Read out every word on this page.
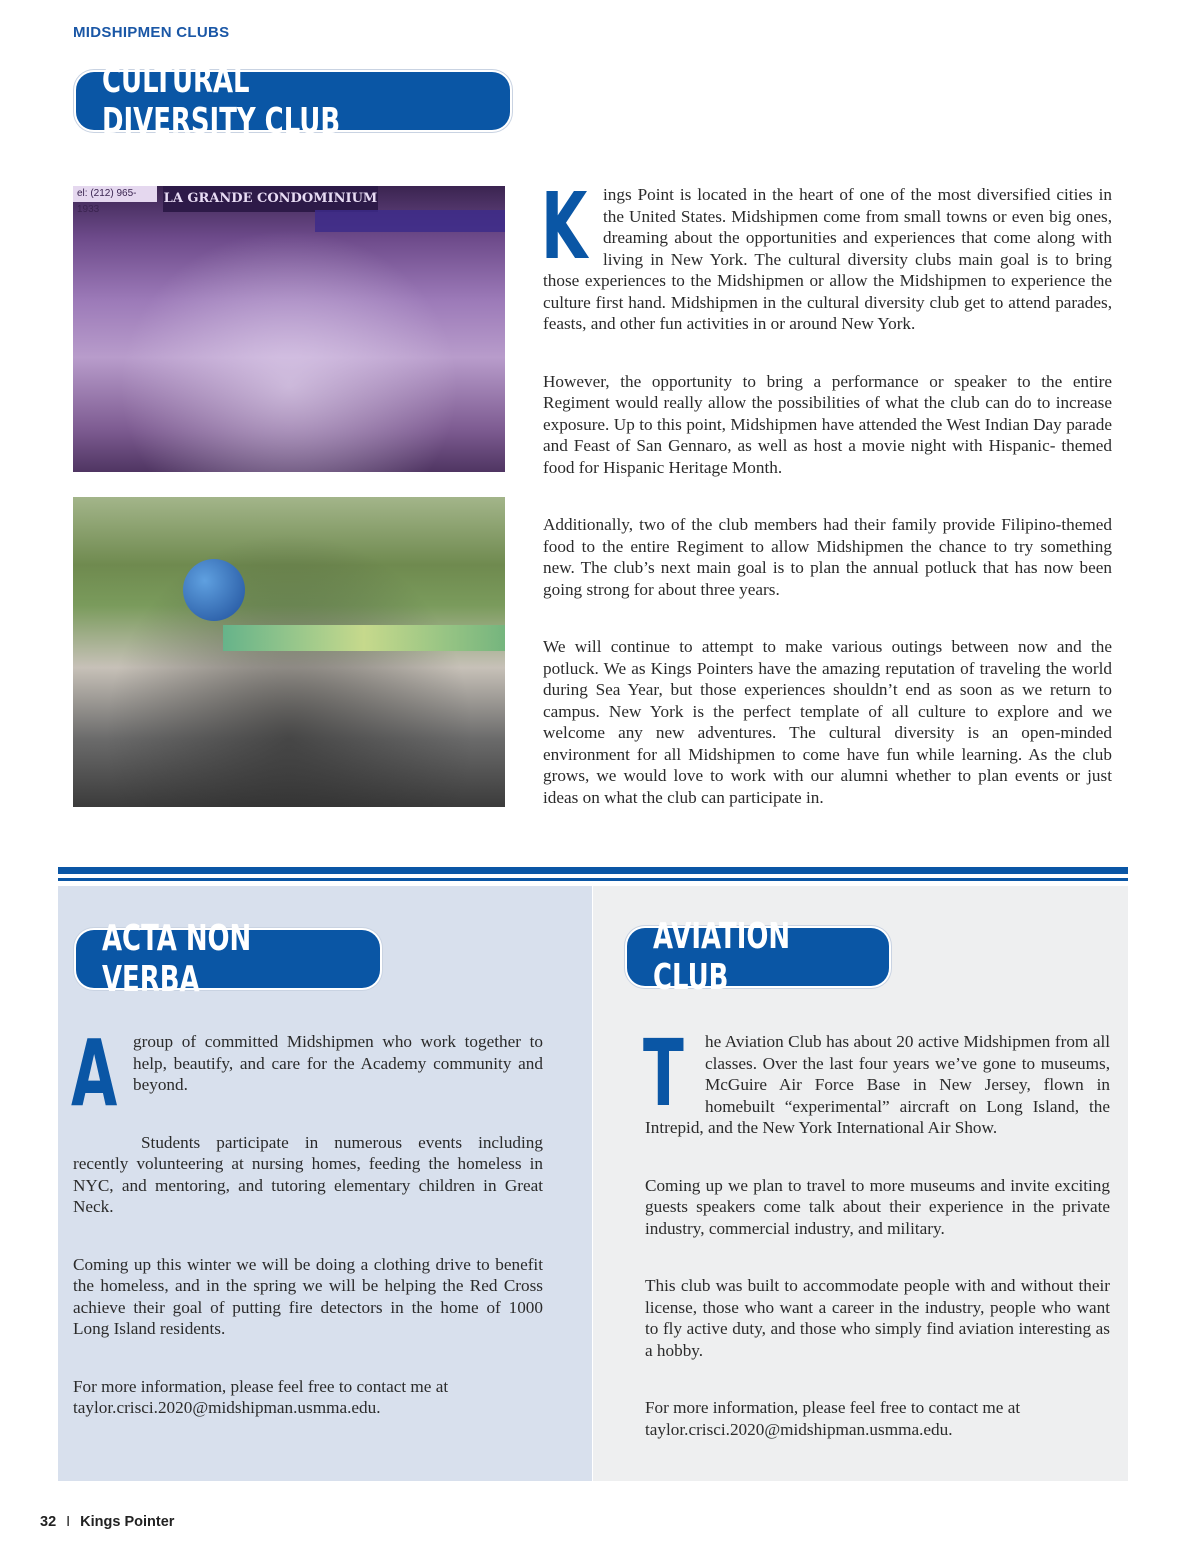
MIDSHIPMEN CLUBS
CULTURAL DIVERSITY CLUB
el: (212) 965-1933
LA GRANDE CONDOMINIUM Kings Point is located in the heart of one of the most diversified cities in the United States. Midshipmen come from small towns or even big ones, dreaming about the opportunities and experiences that come along with living in New York. The cultural diversity clubs main goal is to bring those experiences to the Midshipmen or allow the Midshipmen to experience the culture first hand. Midshipmen in the cultural diversity club get to attend parades, feasts, and other fun activities in or around New York.

However, the opportunity to bring a performance or speaker to the entire Regiment would really allow the possibilities of what the club can do to increase exposure. Up to this point, Midshipmen have attended the West Indian Day parade and Feast of San Gennaro, as well as host a movie night with Hispanic- themed food for Hispanic Heritage Month.

Additionally, two of the club members had their family provide Filipino-themed food to the entire Regiment to allow Midshipmen the chance to try something new. The club’s next main goal is to plan the annual potluck that has now been going strong for about three years.

We will continue to attempt to make various outings between now and the potluck. We as Kings Pointers have the amazing reputation of traveling the world during Sea Year, but those experiences shouldn’t end as soon as we return to campus. New York is the perfect template of all culture to explore and we welcome any new adventures. The cultural diversity is an open-minded environment for all Midshipmen to come have fun while learning. As the club grows, we would love to work with our alumni whether to plan events or just ideas on what the club can participate in.

ACTA NON VERBA
AVIATION CLUB

Agroup of committed Midshipmen who work together to help, beautify, and care for the Academy community and beyond.

Students participate in numerous events including recently volunteering at nursing homes, feeding the homeless in NYC, and mentoring, and tutoring elementary children in Great Neck.

Coming up this winter we will be doing a clothing drive to benefit the homeless, and in the spring we will be helping the Red Cross achieve their goal of putting fire detectors in the home of 1000 Long Island residents.

For more information, please feel free to contact me at taylor.crisci.2020@midshipman.usmma.edu.

T he Aviation Club has about 20 active Midshipmen from all classes. Over the last four years we’ve gone to museums, McGuire Air Force Base in New Jersey, flown in homebuilt “experimental” aircraft on Long Island, the Intrepid, and the New York International Air Show.

Coming up we plan to travel to more museums and invite exciting guests speakers come talk about their experience in the private industry, commercial industry, and military.

This club was built to accommodate people with and without their license, those who want a career in the industry, people who want to fly active duty, and those who simply find aviation interesting as a hobby.

For more information, please feel free to contact me at taylor.crisci.2020@midshipman.usmma.edu.

32 I Kings Pointer
